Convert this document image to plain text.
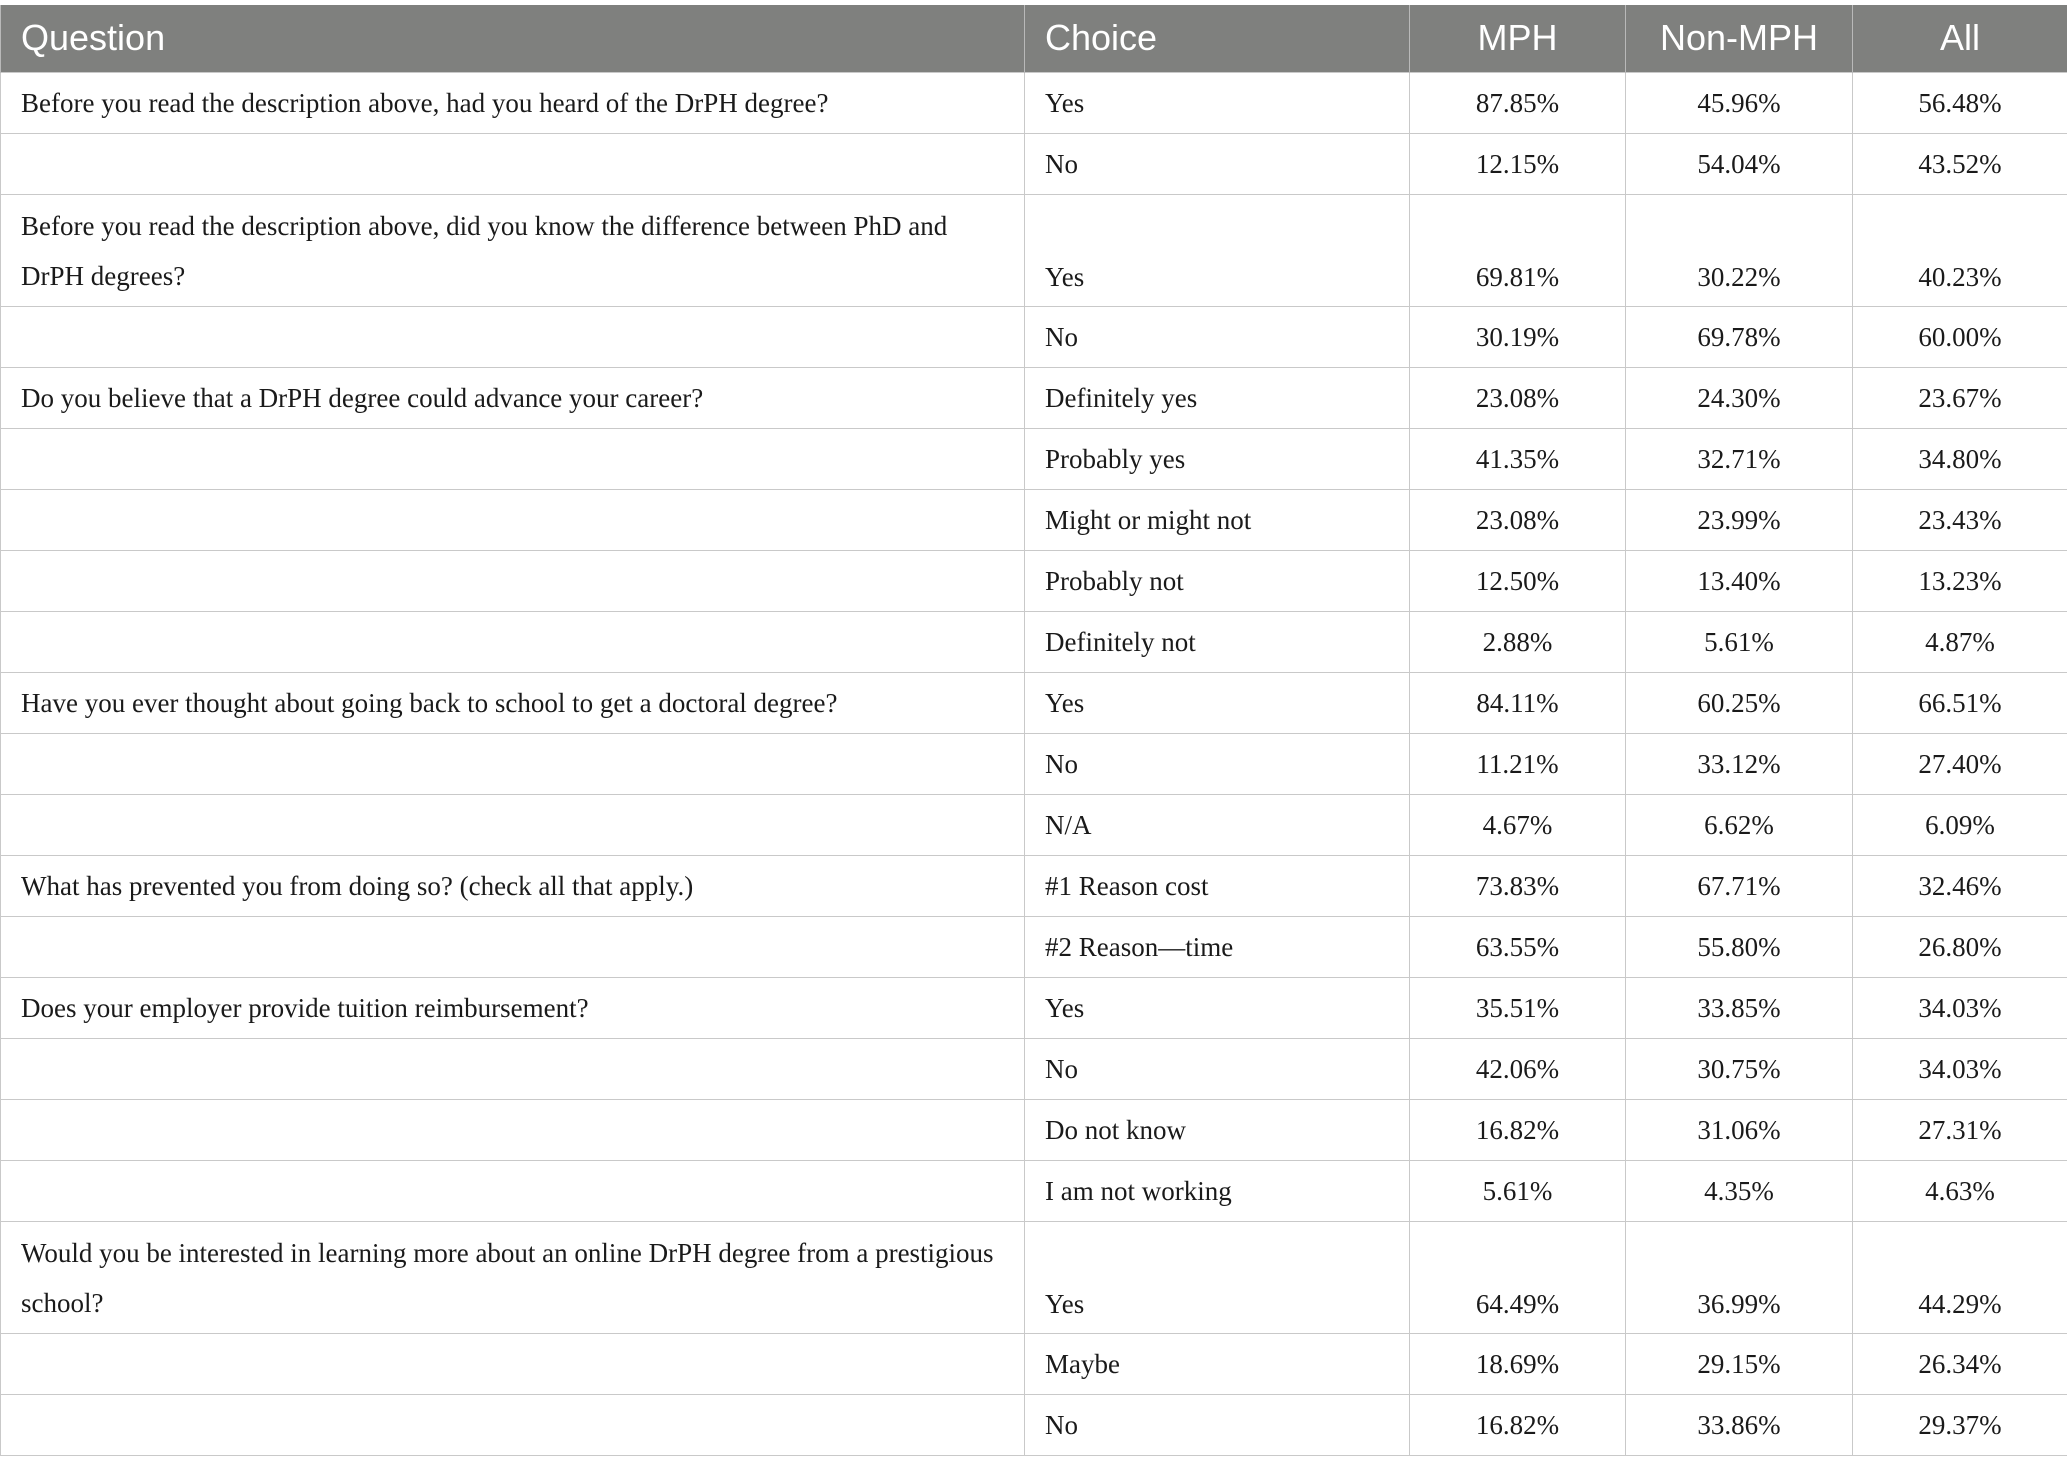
Question	Choice	MPH	Non-MPH	All
Before you read the description above, had you heard of the DrPH degree?	Yes	87.85%	45.96%	56.48%
	No	12.15%	54.04%	43.52%
Before you read the description above, did you know the difference between PhD and DrPH degrees?	Yes	69.81%	30.22%	40.23%
	No	30.19%	69.78%	60.00%
Do you believe that a DrPH degree could advance your career?	Definitely yes	23.08%	24.30%	23.67%
	Probably yes	41.35%	32.71%	34.80%
	Might or might not	23.08%	23.99%	23.43%
	Probably not	12.50%	13.40%	13.23%
	Definitely not	2.88%	5.61%	4.87%
Have you ever thought about going back to school to get a doctoral degree?	Yes	84.11%	60.25%	66.51%
	No	11.21%	33.12%	27.40%
	N/A	4.67%	6.62%	6.09%
What has prevented you from doing so? (check all that apply.)	#1 Reason cost	73.83%	67.71%	32.46%
	#2 Reason—time	63.55%	55.80%	26.80%
Does your employer provide tuition reimbursement?	Yes	35.51%	33.85%	34.03%
	No	42.06%	30.75%	34.03%
	Do not know	16.82%	31.06%	27.31%
	I am not working	5.61%	4.35%	4.63%
Would you be interested in learning more about an online DrPH degree from a prestigious school?	Yes	64.49%	36.99%	44.29%
	Maybe	18.69%	29.15%	26.34%
	No	16.82%	33.86%	29.37%
